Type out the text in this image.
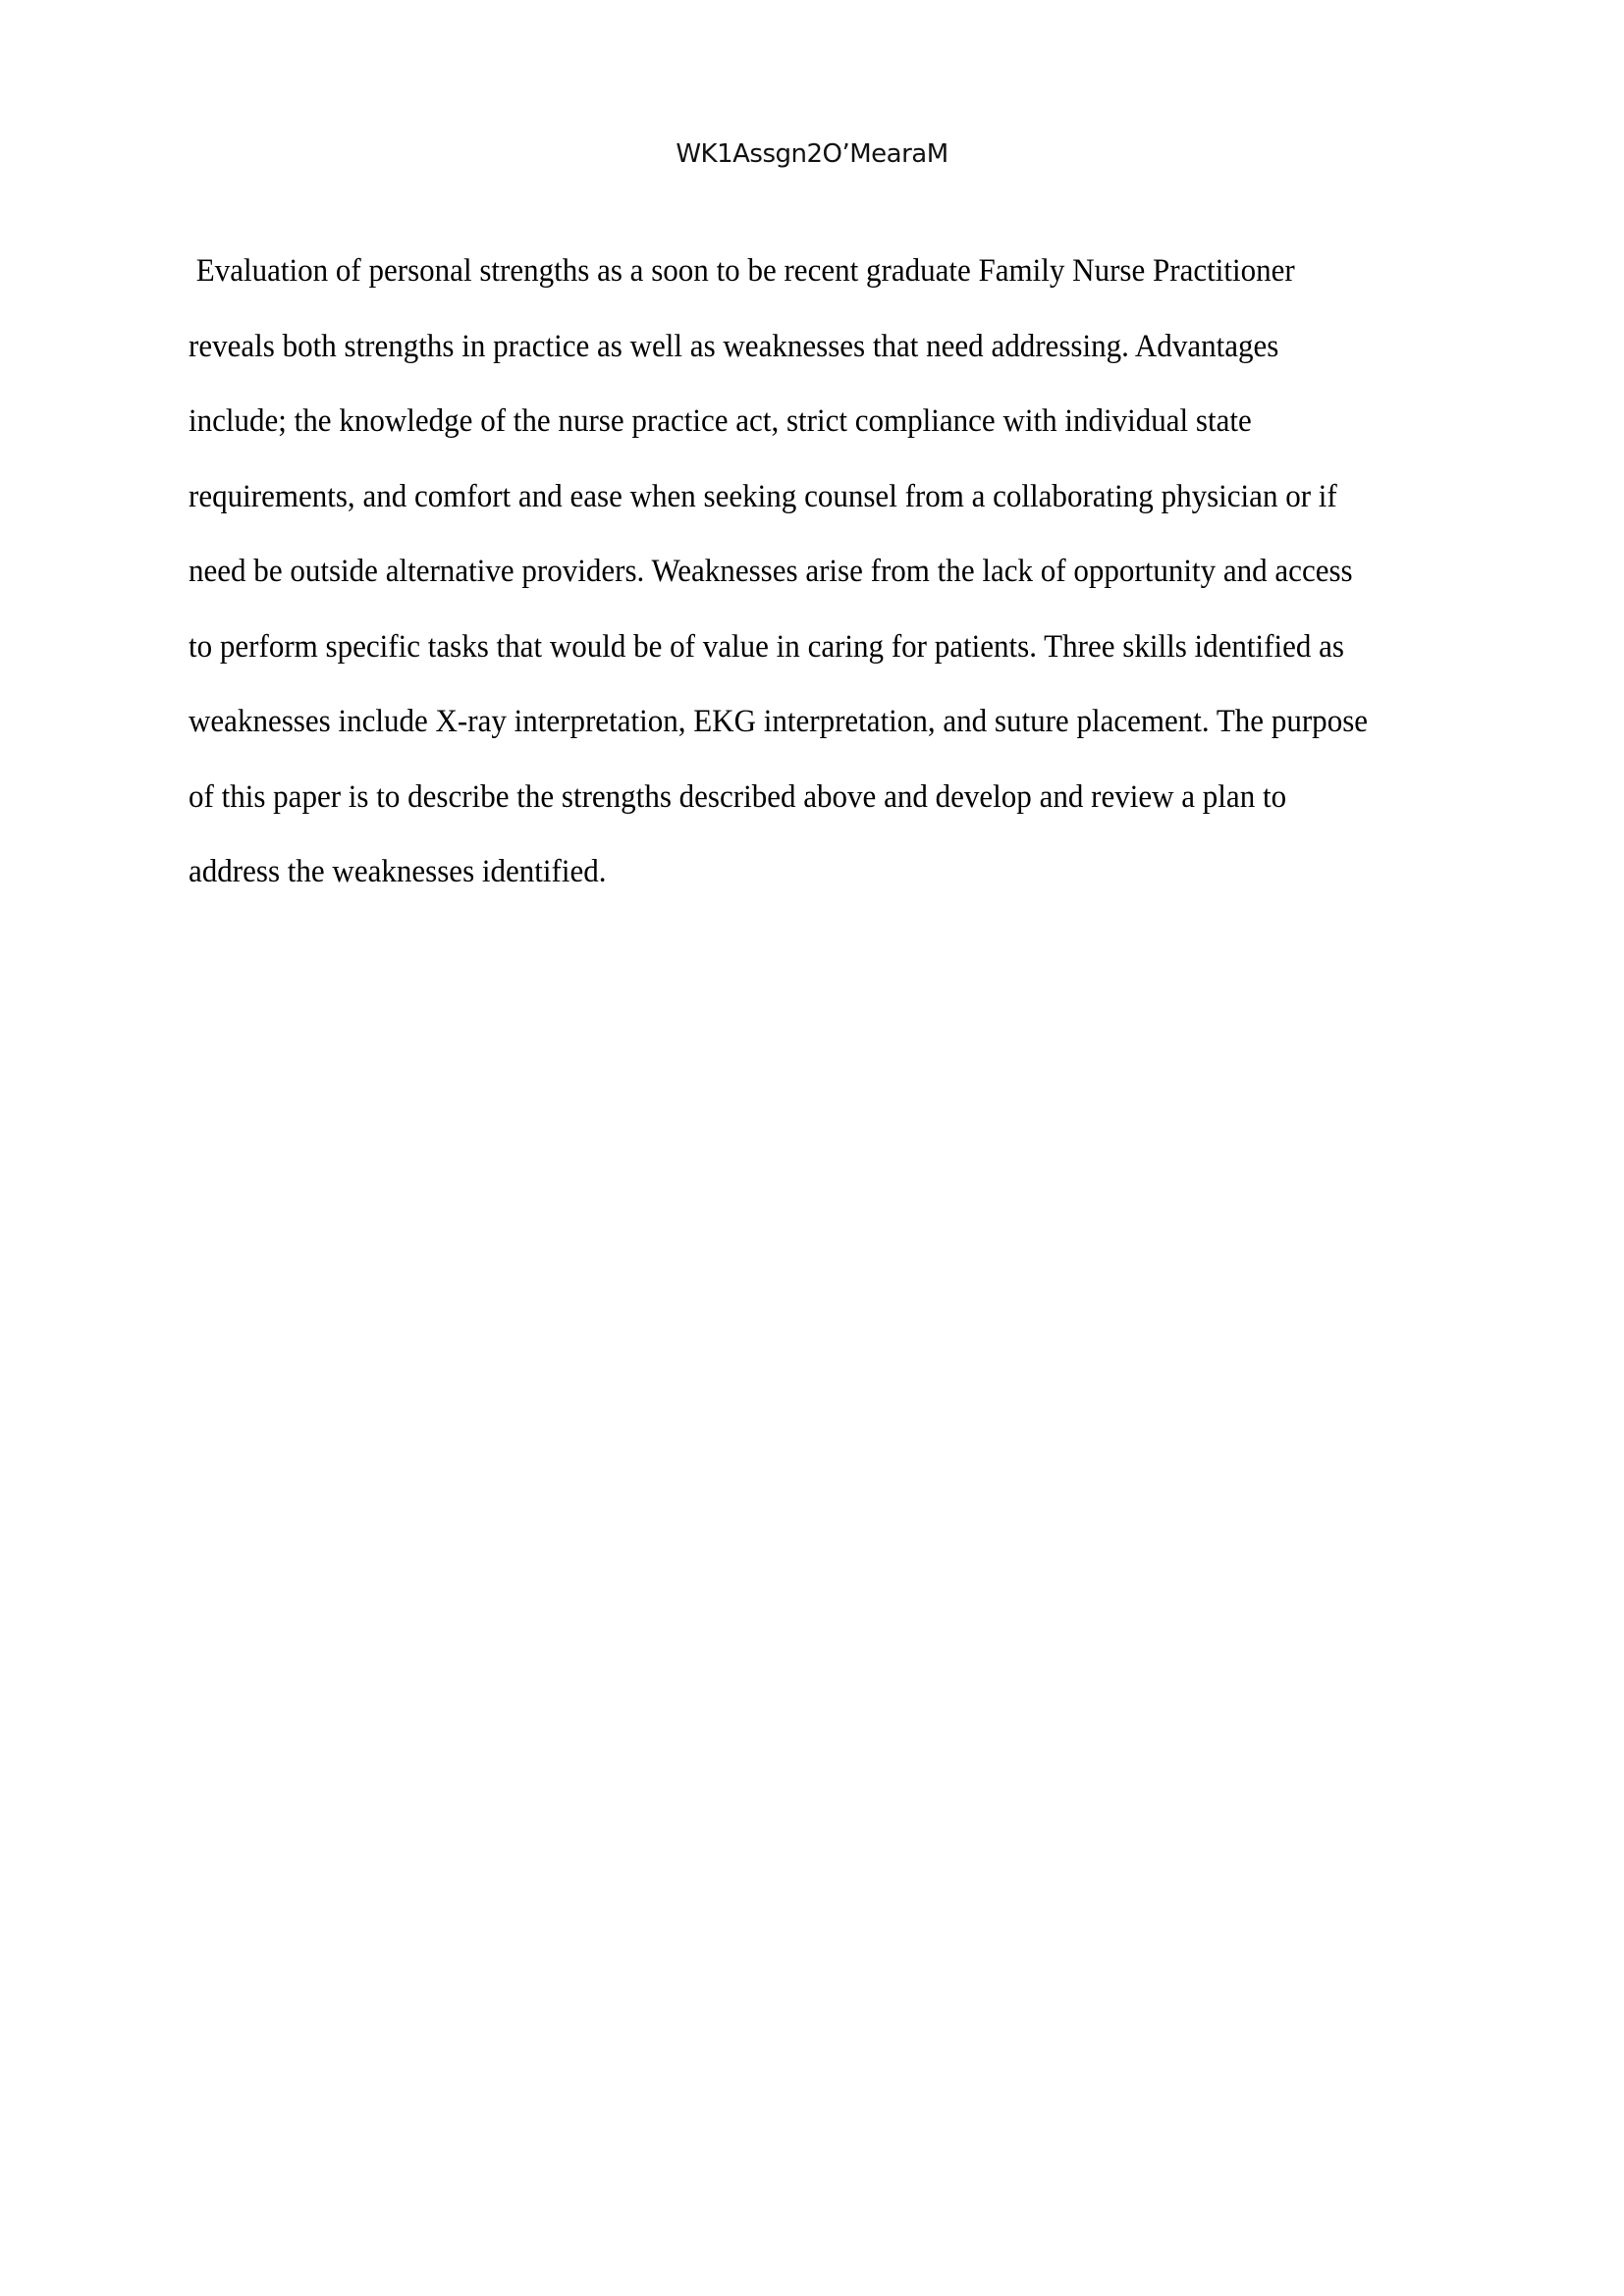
WK1Assgn2O’MearaM
Evaluation of personal strengths as a soon to be recent graduate Family Nurse Practitioner
reveals both strengths in practice as well as weaknesses that need addressing. Advantages
include; the knowledge of the nurse practice act, strict compliance with individual state
requirements, and comfort and ease when seeking counsel from a collaborating physician or if
need be outside alternative providers. Weaknesses arise from the lack of opportunity and access
to perform specific tasks that would be of value in caring for patients. Three skills identified as
weaknesses include X-ray interpretation, EKG interpretation, and suture placement. The purpose
of this paper is to describe the strengths described above and develop and review a plan to
address the weaknesses identified.
